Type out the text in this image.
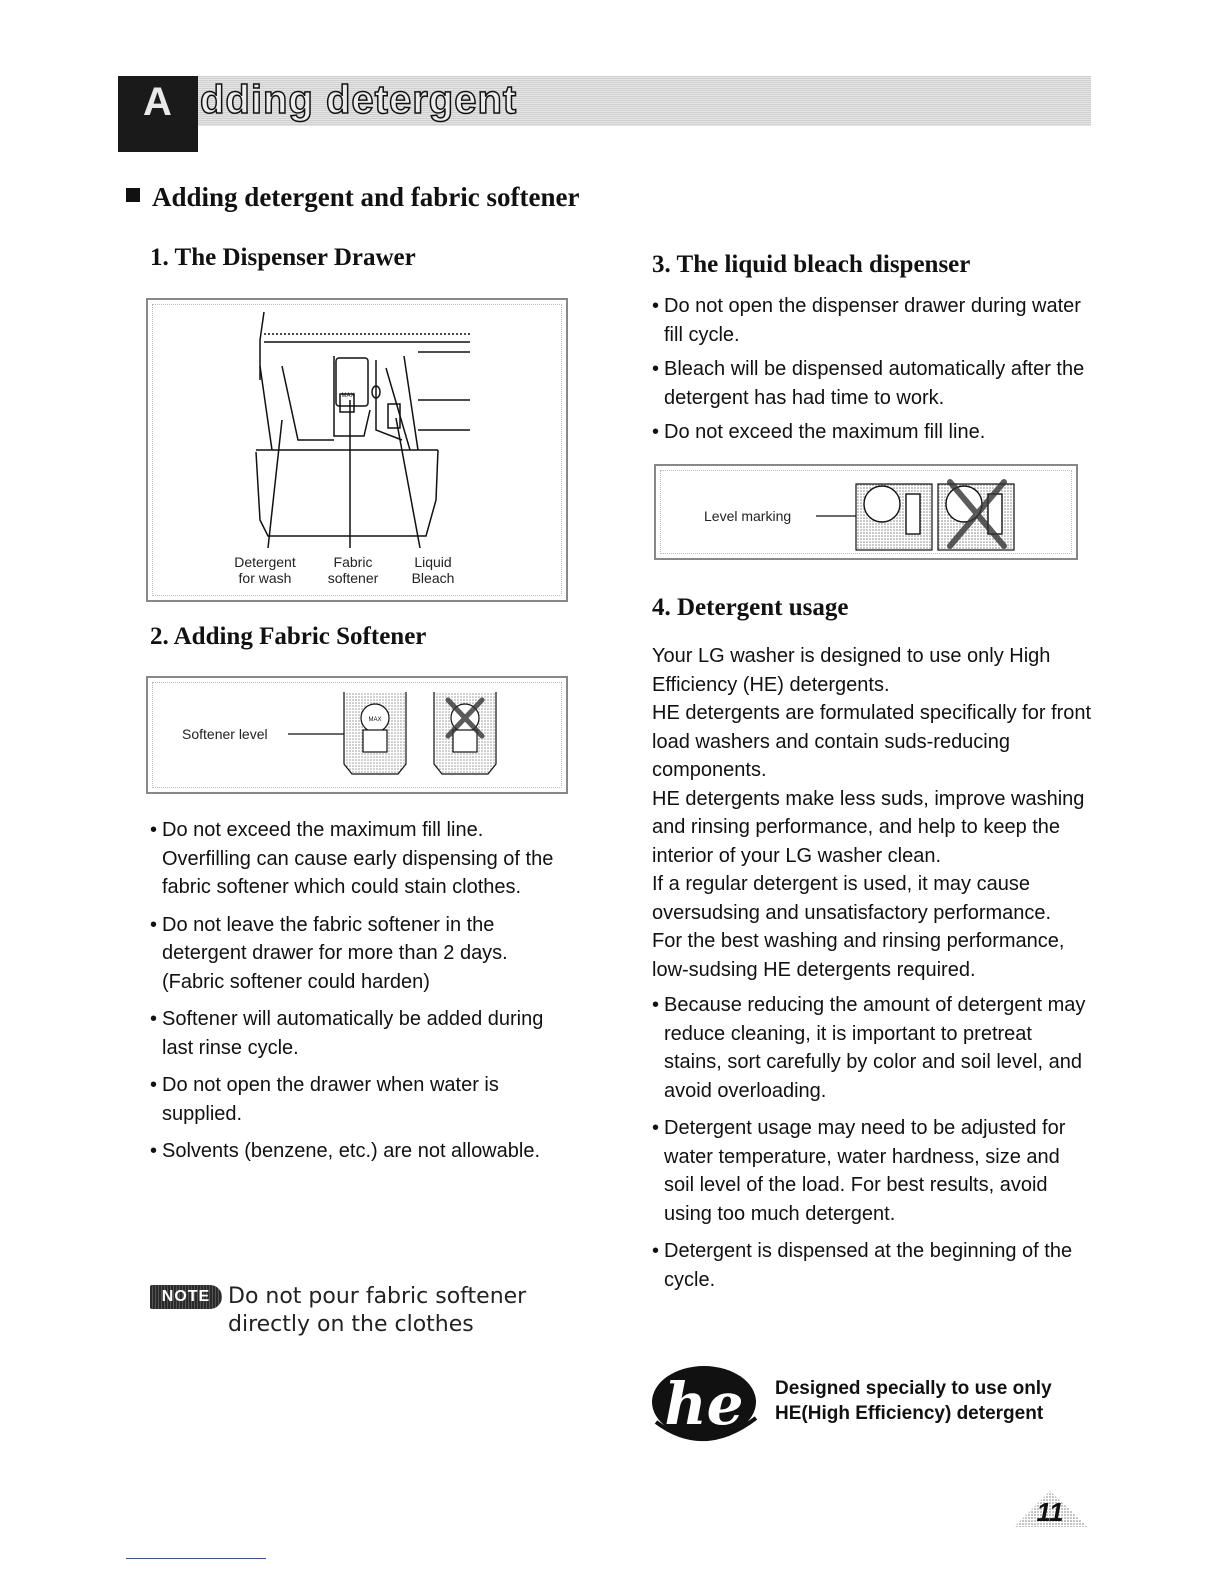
A dding detergent
Adding detergent and fabric softener
1. The Dispenser Drawer
MAX
Detergent
for wash
Fabric
softener
Liquid
Bleach
2. Adding Fabric Softener
Softener level
MAX
• Do not exceed the maximum fill line. Overfilling can cause early dispensing of the fabric softener which could stain clothes.
• Do not leave the fabric softener in the detergent drawer for more than 2 days. (Fabric softener could harden)
• Softener will automatically be added during last rinse cycle.
• Do not open the drawer when water is supplied.
• Solvents (benzene, etc.) are not allowable.
NOTE Do not pour fabric softener directly on the clothes
3. The liquid bleach dispenser
• Do not open the dispenser drawer during water fill cycle.
• Bleach will be dispensed automatically after the detergent has had time to work.
• Do not exceed the maximum fill line.
Level marking
4. Detergent usage
Your LG washer is designed to use only High Efficiency (HE) detergents.
HE detergents are formulated specifically for front load washers and contain suds-reducing components.
HE detergents make less suds, improve washing and rinsing performance, and help to keep the interior of your LG washer clean.
If a regular detergent is used, it may cause oversudsing and unsatisfactory performance.
For the best washing and rinsing performance, low-sudsing HE detergents required.
• Because reducing the amount of detergent may reduce cleaning, it is important to pretreat stains, sort carefully by color and soil level, and avoid overloading.
• Detergent usage may need to be adjusted for water temperature, water hardness, size and soil level of the load. For best results, avoid using too much detergent.
• Detergent is dispensed at the beginning of the cycle.
he Designed specially to use only
HE(High Efficiency) detergent
11
